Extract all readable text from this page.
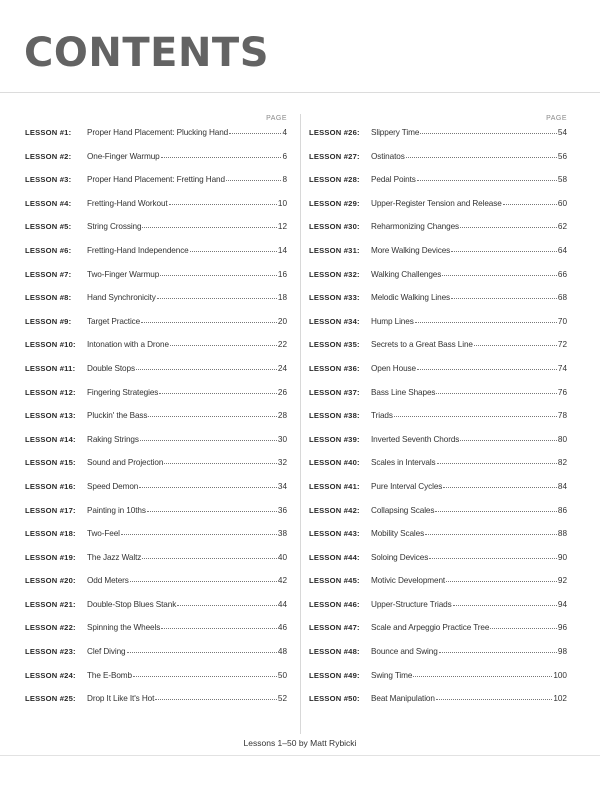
CONTENTS
PAGE
LESSON #1:	Proper Hand Placement: Plucking Hand	4
LESSON #2:	One-Finger Warmup	6
LESSON #3:	Proper Hand Placement: Fretting Hand	8
LESSON #4:	Fretting-Hand Workout	10
LESSON #5:	String Crossing	12
LESSON #6:	Fretting-Hand Independence	14
LESSON #7:	Two-Finger Warmup	16
LESSON #8:	Hand Synchronicity	18
LESSON #9:	Target Practice	20
LESSON #10:	Intonation with a Drone	22
LESSON #11:	Double Stops	24
LESSON #12:	Fingering Strategies	26
LESSON #13:	Pluckin' the Bass	28
LESSON #14:	Raking Strings	30
LESSON #15:	Sound and Projection	32
LESSON #16:	Speed Demon	34
LESSON #17:	Painting in 10ths	36
LESSON #18:	Two-Feel	38
LESSON #19:	The Jazz Waltz	40
LESSON #20:	Odd Meters	42
LESSON #21:	Double-Stop Blues Stank	44
LESSON #22:	Spinning the Wheels	46
LESSON #23:	Clef Diving	48
LESSON #24:	The E-Bomb	50
LESSON #25:	Drop It Like It's Hot	52
PAGE
LESSON #26:	Slippery Time	54
LESSON #27:	Ostinatos	56
LESSON #28:	Pedal Points	58
LESSON #29:	Upper-Register Tension and Release	60
LESSON #30:	Reharmonizing Changes	62
LESSON #31:	More Walking Devices	64
LESSON #32:	Walking Challenges	66
LESSON #33:	Melodic Walking Lines	68
LESSON #34:	Hump Lines	70
LESSON #35:	Secrets to a Great Bass Line	72
LESSON #36:	Open House	74
LESSON #37:	Bass Line Shapes	76
LESSON #38:	Triads	78
LESSON #39:	Inverted Seventh Chords	80
LESSON #40:	Scales in Intervals	82
LESSON #41:	Pure Interval Cycles	84
LESSON #42:	Collapsing Scales	86
LESSON #43:	Mobility Scales	88
LESSON #44:	Soloing Devices	90
LESSON #45:	Motivic Development	92
LESSON #46:	Upper-Structure Triads	94
LESSON #47:	Scale and Arpeggio Practice Tree	96
LESSON #48:	Bounce and Swing	98
LESSON #49:	Swing Time	100
LESSON #50:	Beat Manipulation	102
Lessons 1–50 by Matt Rybicki
